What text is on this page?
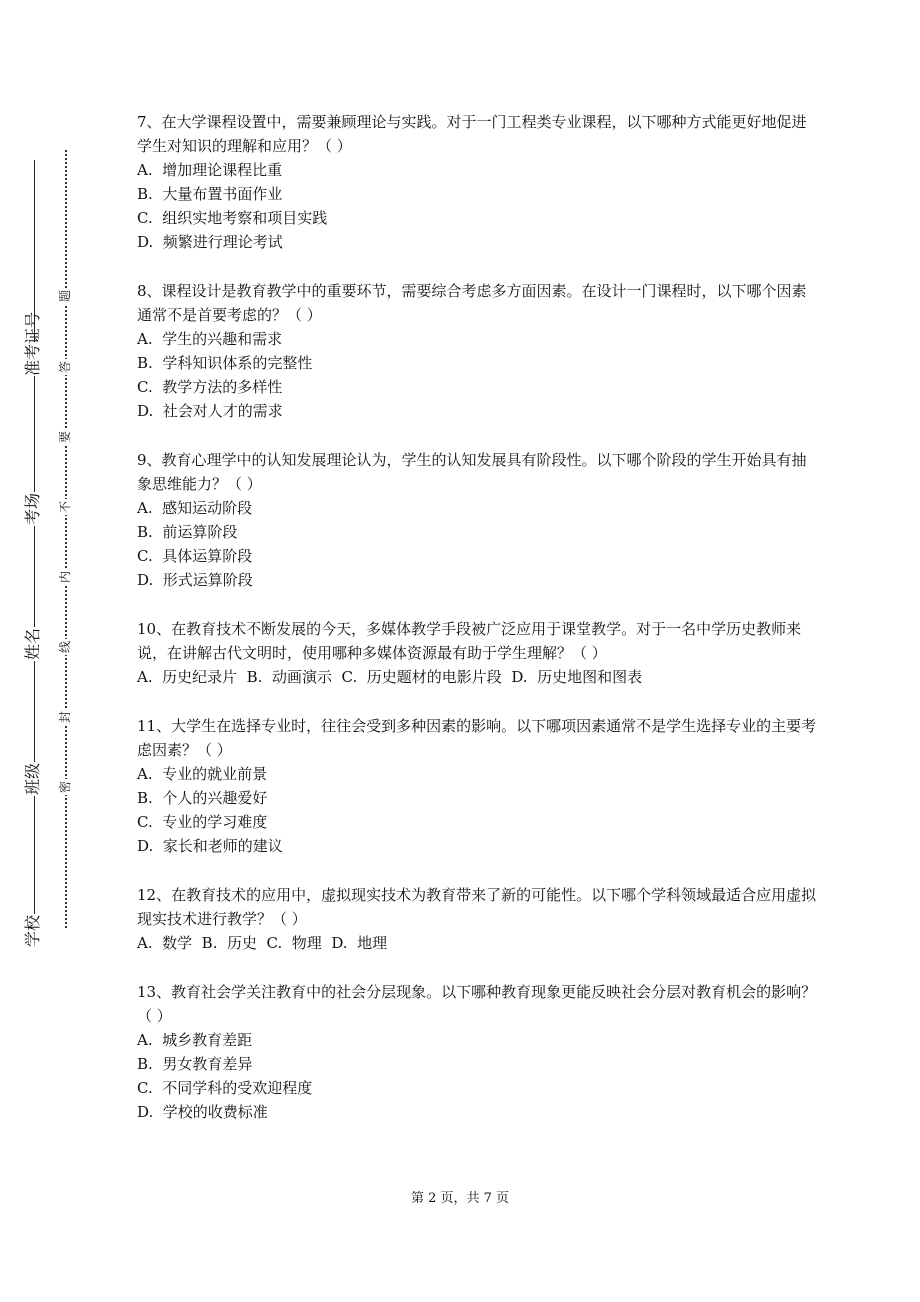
准考证号
考场
姓名
班级
学校
题
答
要
不
内
线
封
密

7、在大学课程设置中，需要兼顾理论与实践。对于一门工程类专业课程，以下哪种方式能更好地促进学生对知识的理解和应用？（ ）

A.  增加理论课程比重

B.  大量布置书面作业

C.  组织实地考察和项目实践

D.  频繁进行理论考试

8、课程设计是教育教学中的重要环节，需要综合考虑多方面因素。在设计一门课程时，以下哪个因素通常不是首要考虑的？（ ）

A.  学生的兴趣和需求

B.  学科知识体系的完整性

C.  教学方法的多样性

D.  社会对人才的需求

9、教育心理学中的认知发展理论认为，学生的认知发展具有阶段性。以下哪个阶段的学生开始具有抽象思维能力？（ ）

A.  感知运动阶段

B.  前运算阶段

C.  具体运算阶段

D.  形式运算阶段

10、在教育技术不断发展的今天，多媒体教学手段被广泛应用于课堂教学。对于一名中学历史教师来说，在讲解古代文明时，使用哪种多媒体资源最有助于学生理解？（ ）

A.  历史纪录片  B.  动画演示  C.  历史题材的电影片段  D.  历史地图和图表

11、大学生在选择专业时，往往会受到多种因素的影响。以下哪项因素通常不是学生选择专业的主要考虑因素？（ ）

A.  专业的就业前景

B.  个人的兴趣爱好

C.  专业的学习难度

D.  家长和老师的建议

12、在教育技术的应用中，虚拟现实技术为教育带来了新的可能性。以下哪个学科领域最适合应用虚拟现实技术进行教学？（ ）

A.  数学  B.  历史  C.  物理  D.  地理

13、教育社会学关注教育中的社会分层现象。以下哪种教育现象更能反映社会分层对教育机会的影响？（ ）

A.  城乡教育差距

B.  男女教育差异

C.  不同学科的受欢迎程度

D.  学校的收费标准

第 2 页，共 7 页
